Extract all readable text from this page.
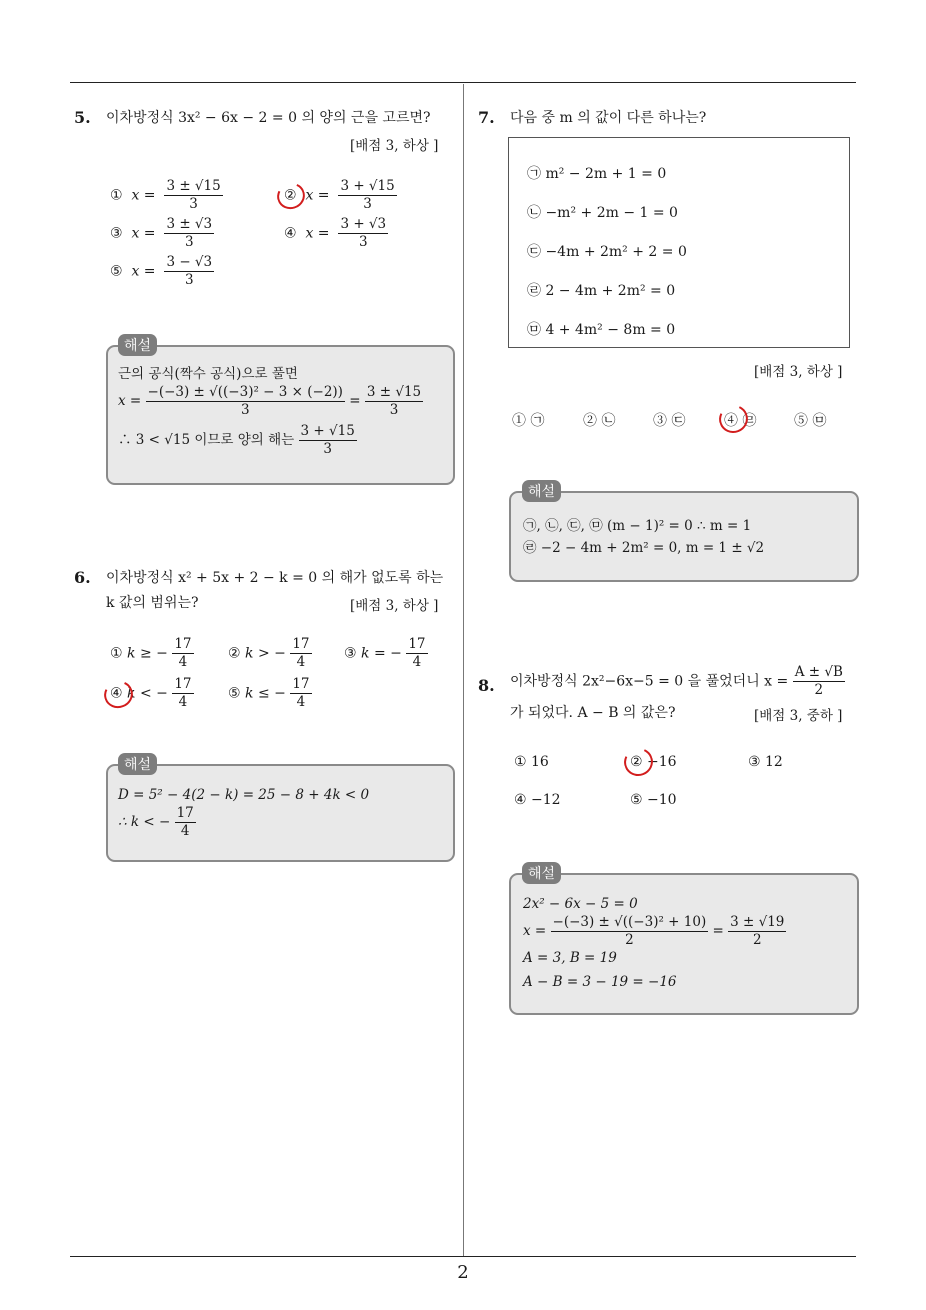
2
5. 이차방정식 3x² − 6x − 2 = 0 의 양의 근을 고르면?
[배점 3, 하상 ]
①  $x = \frac{3 \pm √15}{3}$	②  $x = \frac{3 + √15}{3}$
③  $x = \frac{3 \pm √3}{3}$	④  $x = \frac{3 + √3}{3}$
⑤  $x = \frac{3 - √3}{3}$
근의 공식(짝수 공식)으로 풀면
$x = \frac{\text{−(−3) ± √((−3)² − 3 × (−2))}}{3} = \frac{3 \pm √15}{3}$
∴ 3 < √15 이므로 양의 해는 $\frac{3 + √15}{3}$
해설
6. 이차방정식 x² + 5x + 2 − k = 0 의 해가 없도록 하는
k 값의 범위는?	[배점 3, 하상 ]
① k ≥ − $\frac{17}{4}$ ② k > − $\frac{17}{4}$ ③ k = − $\frac{17}{4}$
④ k < − $\frac{17}{4}$ ⑤ k ≤ − $\frac{17}{4}$
D = 5² − 4(2 − k) = 25 − 8 + 4k < 0
∴ k < − $\frac{17}{4}$
해설
7. 다음 중 m 의 값이 다른 하나는?
㉠ m² − 2m + 1 = 0
㉡ −m² + 2m − 1 = 0
㉢ −4m + 2m² + 2 = 0
㉣ 2 − 4m + 2m² = 0
㉤ 4 + 4m² − 8m = 0
[배점 3, 하상 ]
① ㉠	② ㉡	③ ㉢	④ ㉣	⑤ ㉤
㉠, ㉡, ㉢, ㉤ (m − 1)² = 0 ∴ m = 1
㉣ −2 − 4m + 2m² = 0, m = 1 ± √2
해설
8. 이차방정식 2x²−6x−5 = 0 을 풀었더니 $x = \frac{A \pm √B}{2}$
가 되었다. A − B 의 값은?	[배점 3, 중하 ]
① 16	② −16	③ 12
④ −12	⑤ −10
2x² − 6x − 5 = 0
$x = \frac{\text{−(−3) ± √((−3)² + 10)}}{2} = \frac{3 \pm √19}{2}$
A = 3, B = 19
A − B = 3 − 19 = −16
해설
